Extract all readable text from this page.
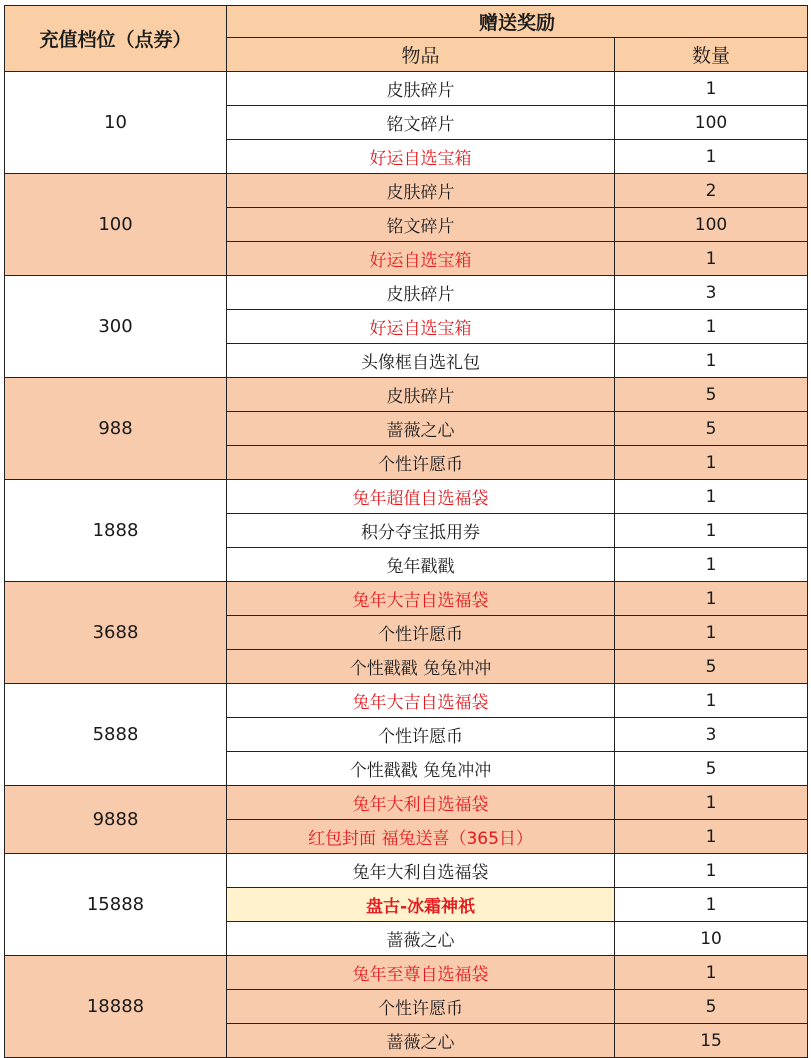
充值档位（点券）	赠送奖励	
	物品	数量
10	皮肤碎片	1
	铭文碎片	100
	好运自选宝箱	1
100	皮肤碎片	2
	铭文碎片	100
	好运自选宝箱	1
300	皮肤碎片	3
	好运自选宝箱	1
	头像框自选礼包	1
988	皮肤碎片	5
	蔷薇之心	5
	个性许愿币	1
1888	兔年超值自选福袋	1
	积分夺宝抵用券	1
	兔年戳戳	1
3688	兔年大吉自选福袋	1
	个性许愿币	1
	个性戳戳 兔兔冲冲	5
5888	兔年大吉自选福袋	1
	个性许愿币	3
	个性戳戳 兔兔冲冲	5
9888	兔年大利自选福袋	1
	红包封面 福兔送喜（365日）	1
15888	兔年大利自选福袋	1
	盘古-冰霜神祇	1
	蔷薇之心	10
18888	兔年至尊自选福袋	1
	个性许愿币	5
	蔷薇之心	15
